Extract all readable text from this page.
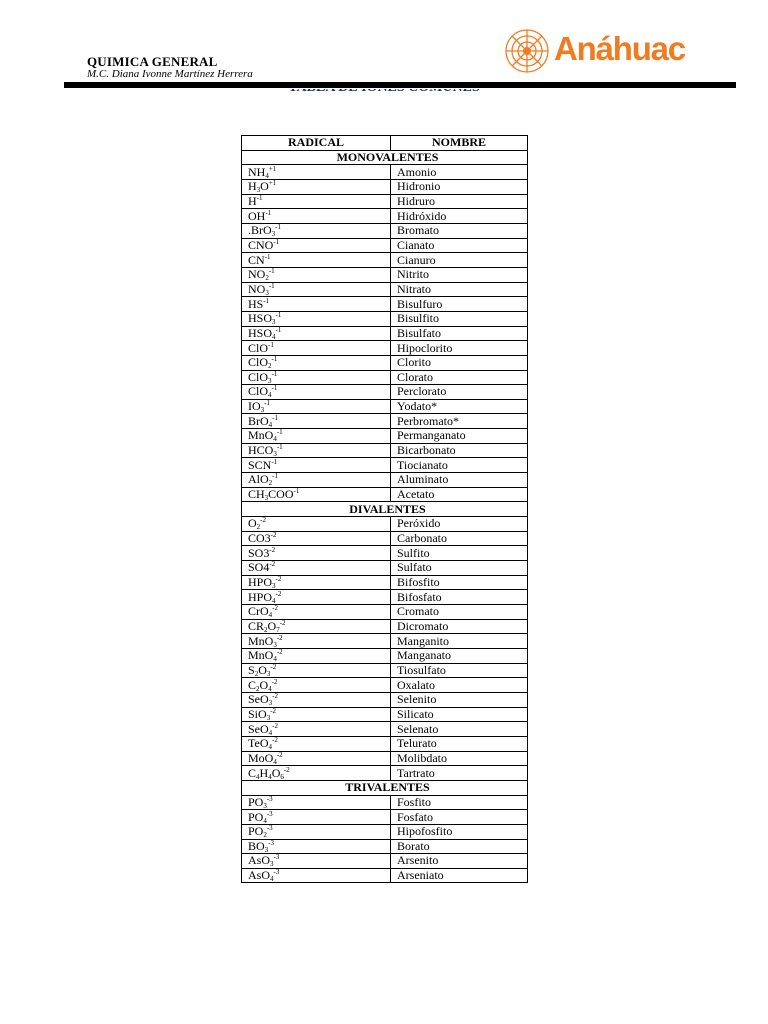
QUIMICA GENERAL
M.C. Diana Ivonne Martínez Herrera
Anáhuac
RADICAL	NOMBRE
MONOVALENTES	
$NH_4^{+1}$	Amonio
$H_3O^{+1}$	Hidronio
$H^{-1}$	Hidruro
$OH^{-1}$	Hidróxido
.BrO$_3^{-1}$	Bromato
$CNO^{-1}$	Cianato
$CN^{-1}$	Cianuro
$NO_2^{-1}$	Nitrito
$NO_3^{-1}$	Nitrato
$HS^{-1}$	Bisulfuro
$HSO_3^{-1}$	Bisulfito
$HSO_4^{-1}$	Bisulfato
ClO$^{-1}$	Hipoclorito
ClO$_2^{-1}$	Clorito
ClO$_3^{-1}$	Clorato
ClO$_4^{-1}$	Perclorato
$IO_3^{-1}$	Yodato*
BrO$_4^{-1}$	Perbromato*
MnO$_4^{-1}$	Permanganato
$HCO_3^{-1}$	Bicarbonato
$SCN^{-1}$	Tiocianato
AlO$_2^{-1}$	Aluminato
$CH_3COO^{-1}$	Acetato
DIVALENTES	
$O_2^{-2}$	Peróxido
$CO3^{-2}$	Carbonato
$SO3^{-2}$	Sulfito
$SO4^{-2}$	Sulfato
$HPO_3^{-2}$	Bifosfito
$HPO_4^{-2}$	Bifosfato
CrO$_4^{-2}$	Cromato
$CR_2O_7^{-2}$	Dicromato
MnO$_3^{-2}$	Manganito
MnO$_4^{-2}$	Manganato
$S_2O_3^{-2}$	Tiosulfato
$C_2O_4^{-2}$	Oxalato
SeO$_3^{-2}$	Selenito
SiO$_3^{-2}$	Silicato
SeO$_4^{-2}$	Selenato
TeO$_4^{-2}$	Telurato
MoO$_4^{-2}$	Molibdato
$C_4H_4O_6^{-2}$	Tartrato
TRIVALENTES	
$PO_3^{-3}$	Fosfito
$PO_4^{-3}$	Fosfato
$PO_2^{-3}$	Hipofosfito
$BO_3^{-3}$	Borato
AsO$_3^{-3}$	Arsenito
AsO$_4^{-3}$	Arseniato
